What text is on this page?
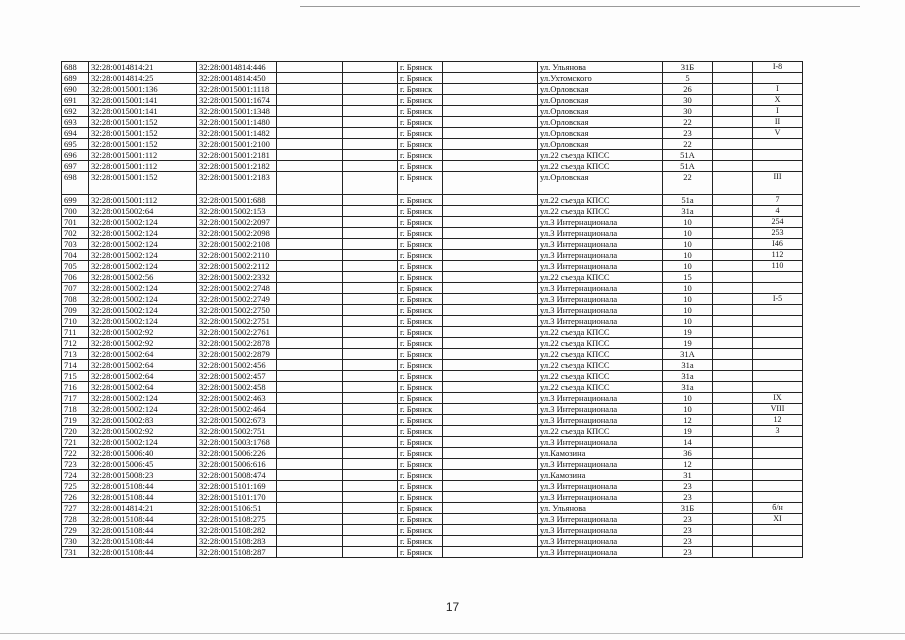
688	32:28:0014814:21	32:28:0014814:446			г. Брянск		ул. Ульянова	31Б		I-8
689	32:28:0014814:25	32:28:0014814:450			г. Брянск		ул.Ухтомского	5		
690	32:28:0015001:136	32:28:0015001:1118			г. Брянск		ул.Орловская	26		I
691	32:28:0015001:141	32:28:0015001:1674			г. Брянск		ул.Орловская	30		X
692	32:28:0015001:141	32:28:0015001:1348			г. Брянск		ул.Орловская	30		I
693	32:28:0015001:152	32:28:0015001:1480			г. Брянск		ул.Орловская	22		II
694	32:28:0015001:152	32:28:0015001:1482			г. Брянск		ул.Орловская	23		V
695	32:28:0015001:152	32:28:0015001:2100			г. Брянск		ул.Орловская	22		
696	32:28:0015001:112	32:28:0015001:2181			г. Брянск		ул.22 съезда КПСС	51А		
697	32:28:0015001:112	32:28:0015001:2182			г. Брянск		ул.22 съезда КПСС	51А		
698	32:28:0015001:152	32:28:0015001:2183			г. Брянск		ул.Орловская	22		III
699	32:28:0015001:112	32:28:0015001:688			г. Брянск		ул.22 съезда КПСС	51а		7
700	32:28:0015002:64	32:28:0015002:153			г. Брянск		ул.22 съезда КПСС	31а		4
701	32:28:0015002:124	32:28:0015002:2097			г. Брянск		ул.3 Интернационала	10		254
702	32:28:0015002:124	32:28:0015002:2098			г. Брянск		ул.3 Интернационала	10		253
703	32:28:0015002:124	32:28:0015002:2108			г. Брянск		ул.3 Интернационала	10		I46
704	32:28:0015002:124	32:28:0015002:2110			г. Брянск		ул.3 Интернационала	10		112
705	32:28:0015002:124	32:28:0015002:2112			г. Брянск		ул.3 Интернационала	10		110
706	32:28:0015002:56	32:28:0015002:2332			г. Брянск		ул.22 съезда КПСС	15		
707	32:28:0015002:124	32:28:0015002:2748			г. Брянск		ул.3 Интернационала	10		
708	32:28:0015002:124	32:28:0015002:2749			г. Брянск		ул.3 Интернационала	10		I-5
709	32:28:0015002:124	32:28:0015002:2750			г. Брянск		ул.3 Интернационала	10		
710	32:28:0015002:124	32:28:0015002:2751			г. Брянск		ул.3 Интернационала	10		
711	32:28:0015002:92	32:28:0015002:2761			г. Брянск		ул.22 съезда КПСС	19		
712	32:28:0015002:92	32:28:0015002:2878			г. Брянск		ул.22 съезда КПСС	19		
713	32:28:0015002:64	32:28:0015002:2879			г. Брянск		ул.22 съезда КПСС	31А		
714	32:28:0015002:64	32:28:0015002:456			г. Брянск		ул.22 съезда КПСС	31а		
715	32:28:0015002:64	32:28:0015002:457			г. Брянск		ул.22 съезда КПСС	31а		
716	32:28:0015002:64	32:28:0015002:458			г. Брянск		ул.22 съезда КПСС	31а		
717	32:28:0015002:124	32:28:0015002:463			г. Брянск		ул.3 Интернационала	10		IX
718	32:28:0015002:124	32:28:0015002:464			г. Брянск		ул.3 Интернационала	10		VIII
719	32:28:0015002:83	32:28:0015002:673			г. Брянск		ул.3 Интернационала	12		12
720	32:28:0015002:92	32:28:0015002:751			г. Брянск		ул.22 съезда КПСС	19		3
721	32:28:0015002:124	32:28:0015003:1768			г. Брянск		ул.3 Интернационала	14		
722	32:28:0015006:40	32:28:0015006:226			г. Брянск		ул.Камозина	36		
723	32:28:0015006:45	32:28:0015006:616			г. Брянск		ул.3 Интернационала	12		
724	32:28:0015008:23	32:28:0015008:474			г. Брянск		ул.Камозина	31		
725	32:28:0015108:44	32:28:0015101:169			г. Брянск		ул.3 Интернационала	23		
726	32:28:0015108:44	32:28:0015101:170			г. Брянск		ул.3 Интернационала	23		
727	32:28:0014814:21	32:28:0015106:51			г. Брянск		ул. Ульянова	31Б		б/н
728	32:28:0015108:44	32:28:0015108:275			г. Брянск		ул.3 Интернационала	23		XI
729	32:28:0015108:44	32:28:0015108:282			г. Брянск		ул.3 Интернационала	23		
730	32:28:0015108:44	32:28:0015108:283			г. Брянск		ул.3 Интернационала	23		
731	32:28:0015108:44	32:28:0015108:287			г. Брянск		ул.3 Интернационала	23		
17
